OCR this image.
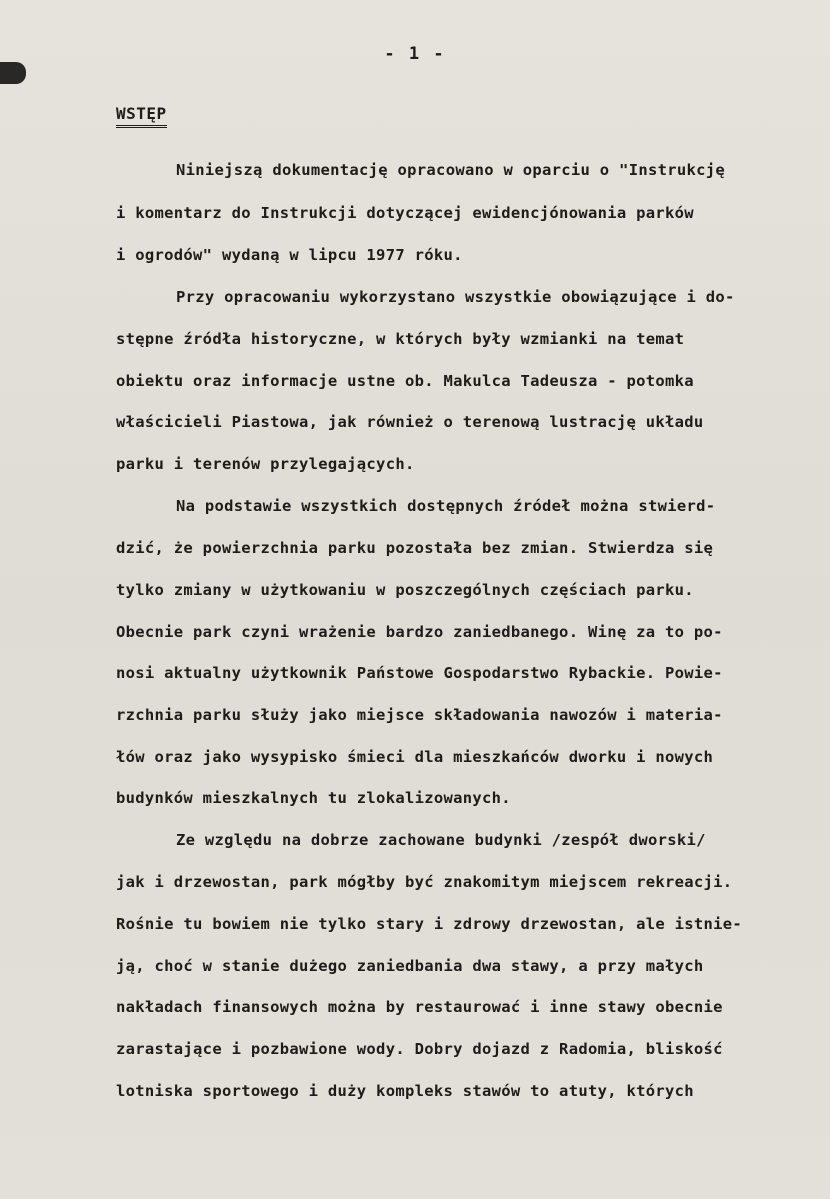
- 1 -
WSTĘP
Niniejszą dokumentację opracowano w oparciu o "Instrukcję
i komentarz do Instrukcji dotyczącej ewidencjónowania parków
i ogrodów" wydaną w lipcu 1977 róku.
Przy opracowaniu wykorzystano wszystkie obowiązujące i do-
stępne źródła historyczne, w których były wzmianki na temat
obiektu oraz informacje ustne ob. Makulca Tadeusza - potomka
właścicieli Piastowa, jak również o terenową lustrację układu
parku i terenów przylegających.
Na podstawie wszystkich dostępnych źródeł można stwierd-
dzić, że powierzchnia parku pozostała bez zmian. Stwierdza się
tylko zmiany w użytkowaniu w poszczególnych częściach parku.
Obecnie park czyni wrażenie bardzo zaniedbanego. Winę za to po-
nosi aktualny użytkownik Państowe Gospodarstwo Rybackie. Powie-
rzchnia parku służy jako miejsce składowania nawozów i materia-
łów oraz jako wysypisko śmieci dla mieszkańców dworku i nowych
budynków mieszkalnych tu zlokalizowanych.
Ze względu na dobrze zachowane budynki /zespół dworski/
jak i drzewostan, park mógłby być znakomitym miejscem rekreacji.
Rośnie tu bowiem nie tylko stary i zdrowy drzewostan, ale istnie-
ją, choć w stanie dużego zaniedbania dwa stawy, a przy małych
nakładach finansowych można by restaurować i inne stawy obecnie
zarastające i pozbawione wody. Dobry dojazd z Radomia, bliskość
lotniska sportowego i duży kompleks stawów to atuty, których
